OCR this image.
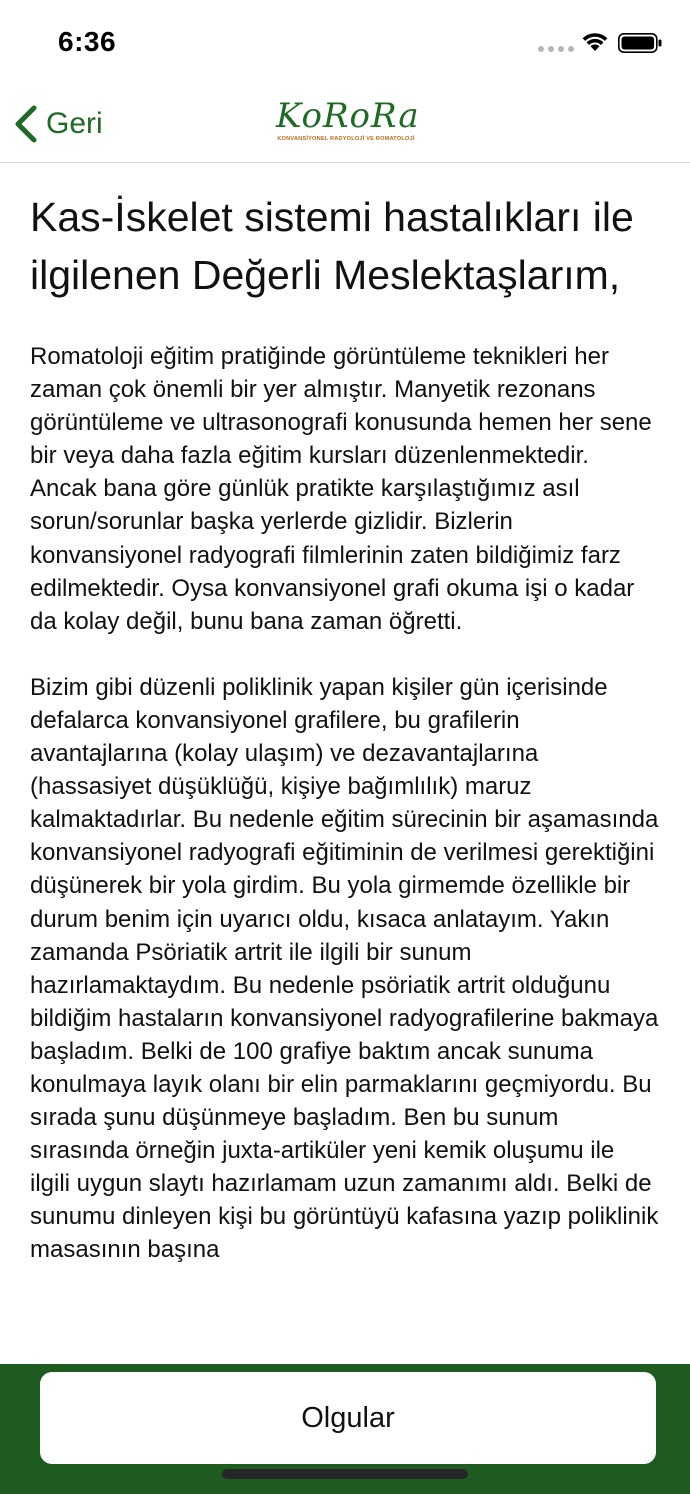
6:36
Geri	KoRoRa
KONVANSİYONEL RADYOLOJİ VE ROMATOLOJİ
Kas-İskelet sistemi hastalıkları ile ilgilenen Değerli Meslektaşlarım,

Romatoloji eğitim pratiğinde görüntüleme teknikleri her zaman çok önemli bir yer almıştır. Manyetik rezonans görüntüleme ve ultrasonografi konusunda hemen her sene bir veya daha fazla eğitim kursları düzenlenmektedir. Ancak bana göre günlük pratikte karşılaştığımız asıl sorun/sorunlar başka yerlerde gizlidir. Bizlerin konvansiyonel radyografi filmlerinin zaten bildiğimiz farz edilmektedir. Oysa konvansiyonel grafi okuma işi o kadar da kolay değil, bunu bana zaman öğretti.

Bizim gibi düzenli poliklinik yapan kişiler gün içerisinde defalarca konvansiyonel grafilere, bu grafilerin avantajlarına (kolay ulaşım) ve dezavantajlarına (hassasiyet düşüklüğü, kişiye bağımlılık) maruz kalmaktadırlar. Bu nedenle eğitim sürecinin bir aşamasında konvansiyonel radyografi eğitiminin de verilmesi gerektiğini düşünerek bir yola girdim. Bu yola girmemde özellikle bir durum benim için uyarıcı oldu, kısaca anlatayım. Yakın zamanda Psöriatik artrit ile ilgili bir sunum hazırlamaktaydım. Bu nedenle psöriatik artrit olduğunu bildiğim hastaların konvansiyonel radyografilerine bakmaya başladım. Belki de 100 grafiye baktım ancak sunuma konulmaya layık olanı bir elin parmaklarını geçmiyordu. Bu sırada şunu düşünmeye başladım. Ben bu sunum sırasında örneğin juxta-artiküler yeni kemik oluşumu ile ilgili uygun slaytı hazırlamam uzun zamanımı aldı. Belki de sunumu dinleyen kişi bu görüntüyü kafasına yazıp poliklinik masasının başına

Olgular
